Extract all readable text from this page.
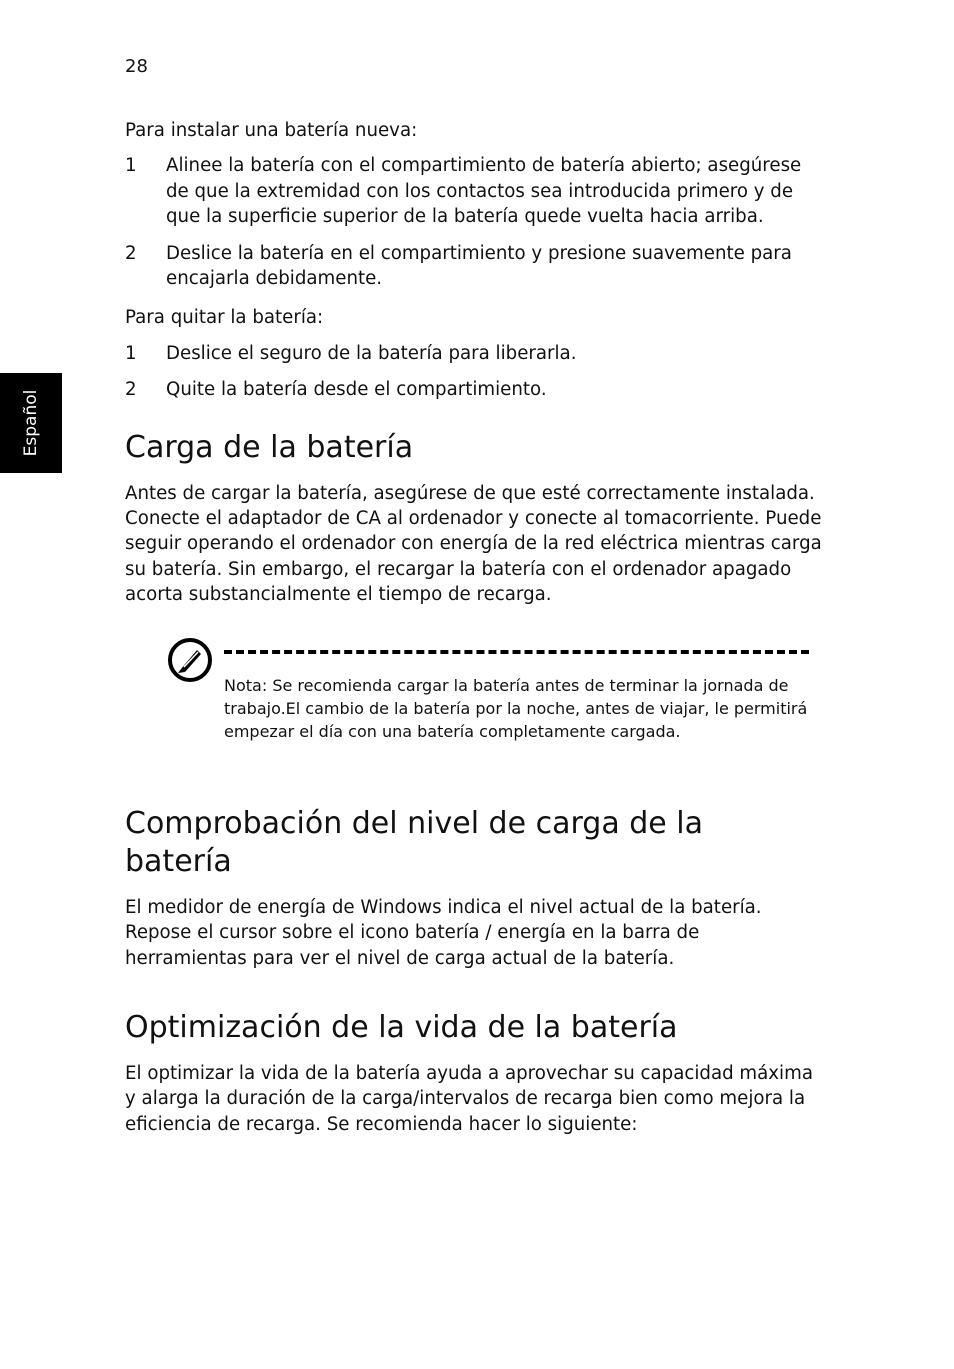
28
Español

Para instalar una batería nueva:

1 Alinee la batería con el compartimiento de batería abierto; asegúrese de que la extremidad con los contactos sea introducida primero y de que la superficie superior de la batería quede vuelta hacia arriba.
2 Deslice la batería en el compartimiento y presione suavemente para encajarla debidamente.

Para quitar la batería:

1 Deslice el seguro de la batería para liberarla.
2 Quite la batería desde el compartimiento.
Carga de la batería

Antes de cargar la batería, asegúrese de que esté correctamente instalada. Conecte el adaptador de CA al ordenador y conecte al tomacorriente. Puede seguir operando el ordenador con energía de la red eléctrica mientras carga su batería. Sin embargo, el recargar la batería con el ordenador apagado acorta substancialmente el tiempo de recarga.

Nota: Se recomienda cargar la batería antes de terminar la jornada de trabajo.El cambio de la batería por la noche, antes de viajar, le permitirá empezar el día con una batería completamente cargada.

Comprobación del nivel de carga de la batería

El medidor de energía de Windows indica el nivel actual de la batería. Repose el cursor sobre el icono batería / energía en la barra de herramientas para ver el nivel de carga actual de la batería.

Optimización de la vida de la batería

El optimizar la vida de la batería ayuda a aprovechar su capacidad máxima y alarga la duración de la carga/intervalos de recarga bien como mejora la eficiencia de recarga. Se recomienda hacer lo siguiente:
